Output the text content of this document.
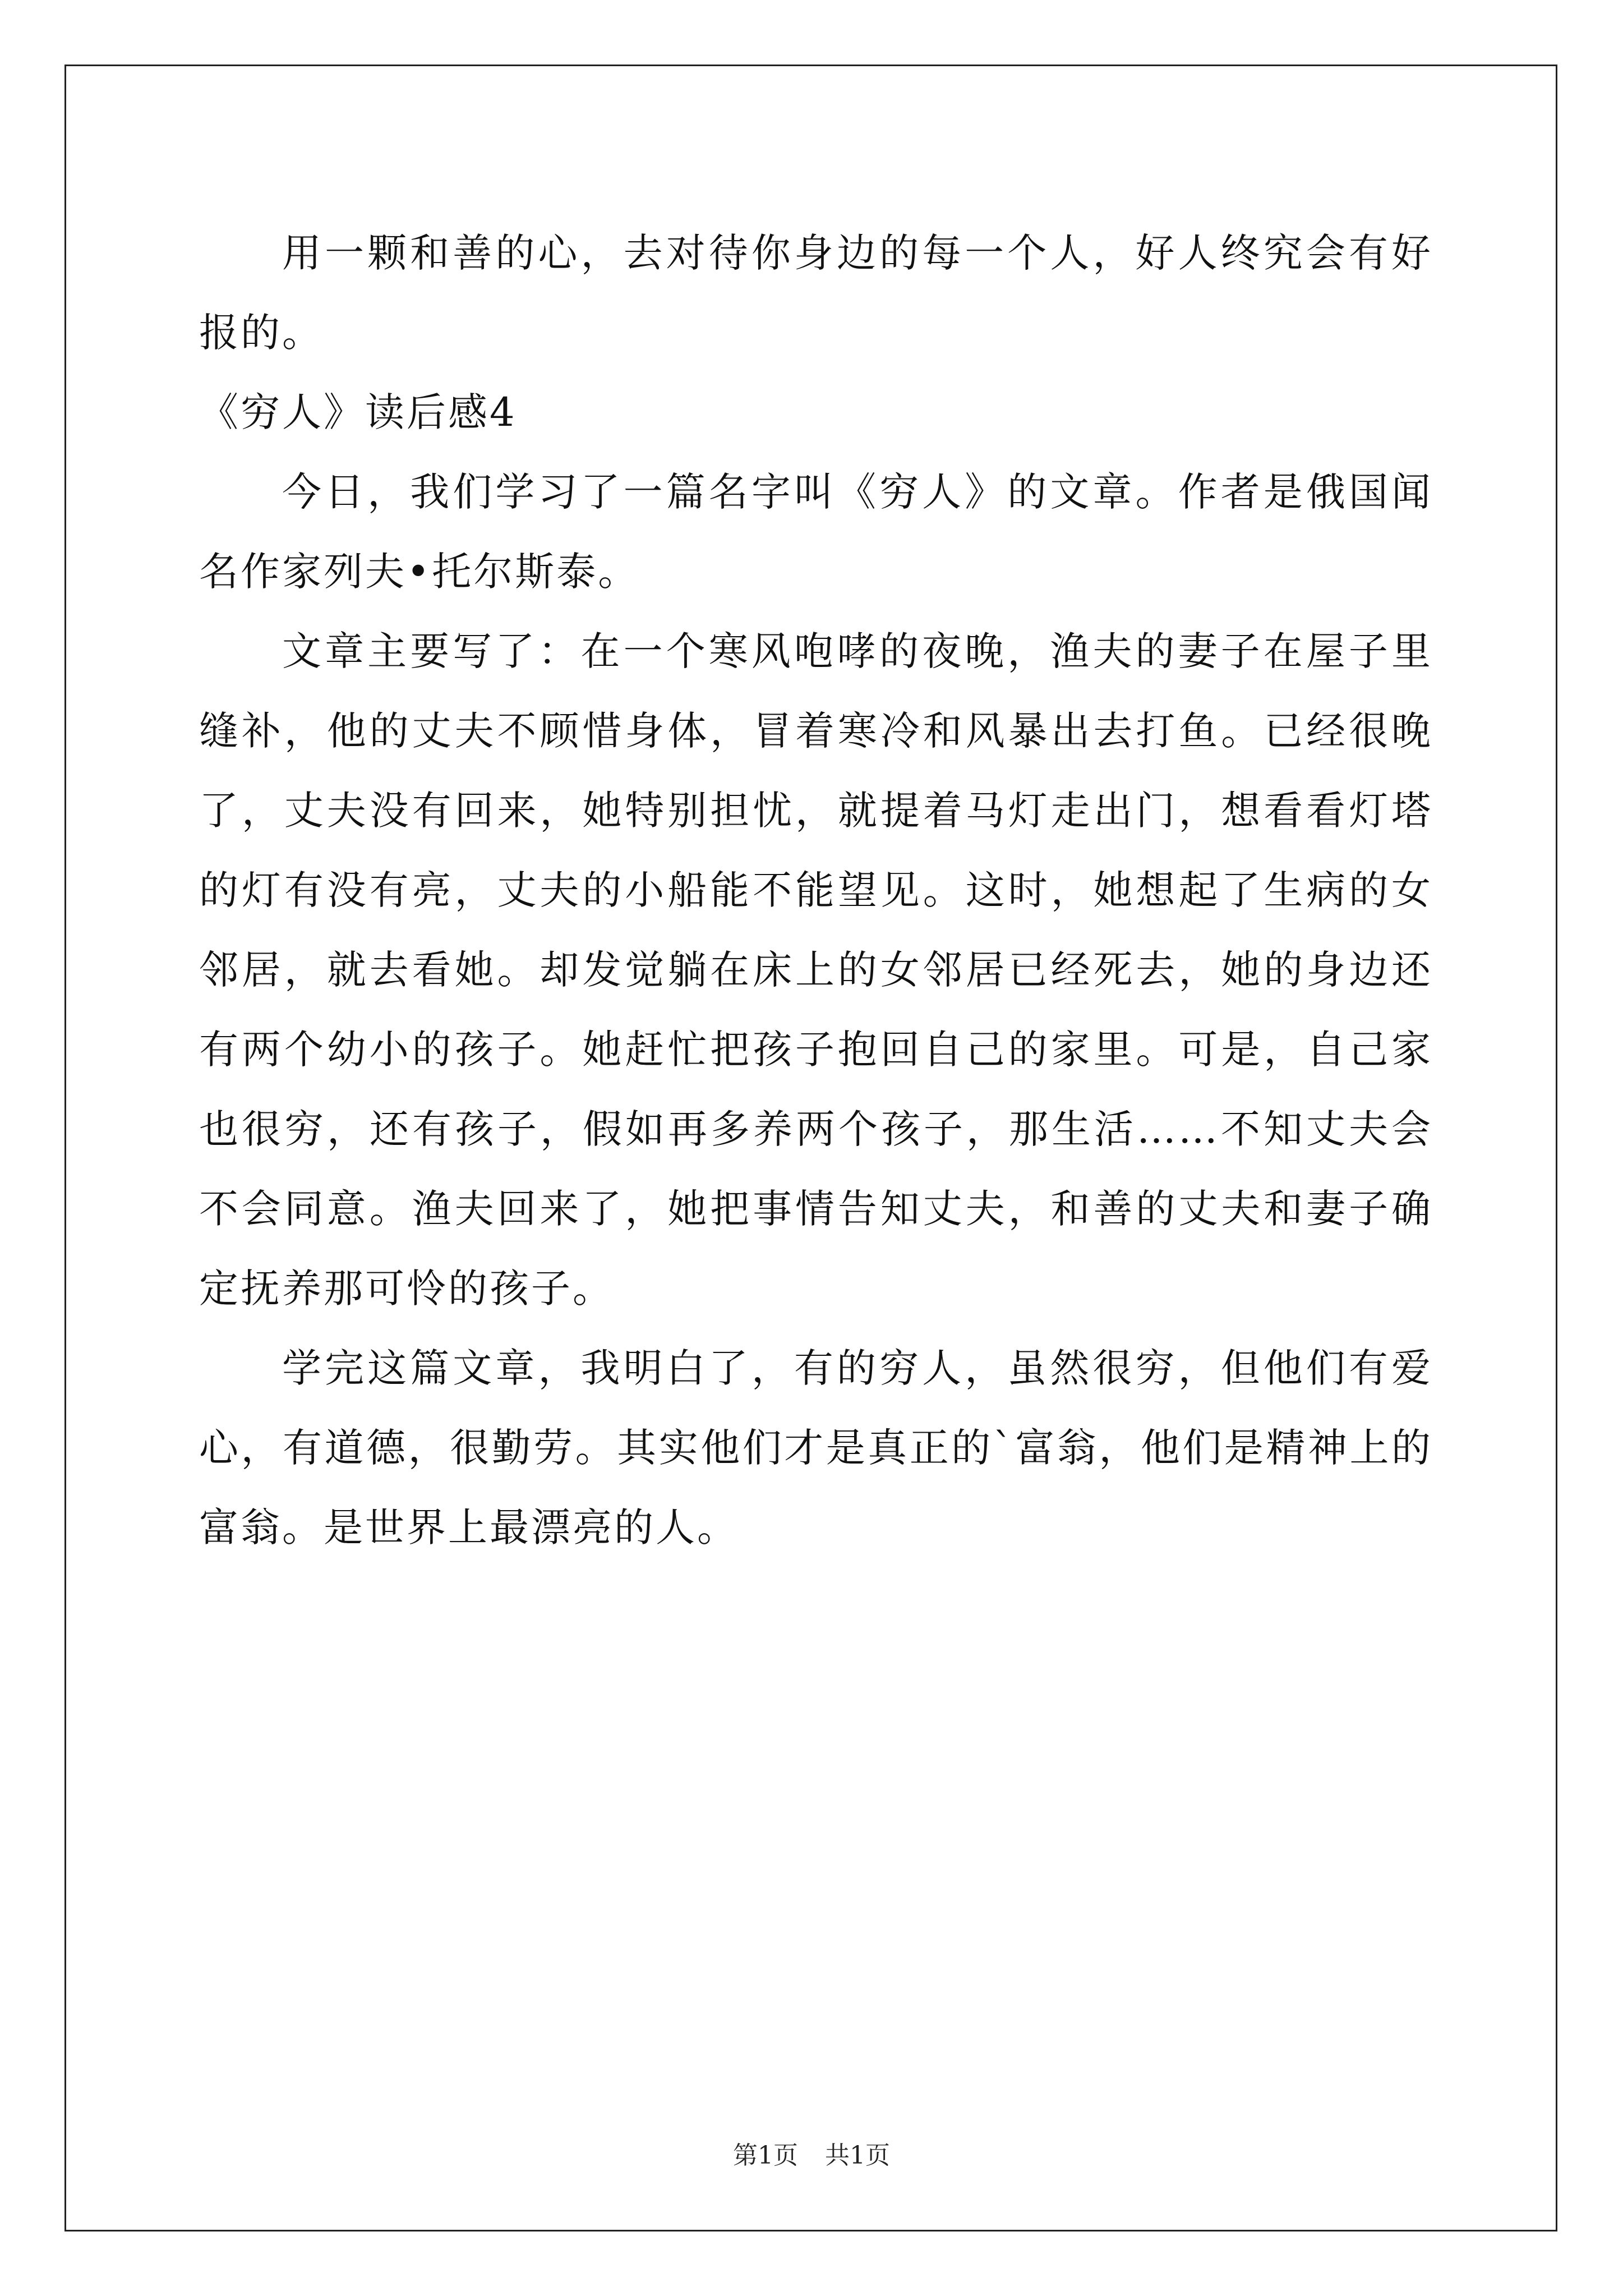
用一颗和善的心，去对待你身边的每一个人，好人终究会有好报的。

《穷人》读后感4

今日，我们学习了一篇名字叫《穷人》的文章。作者是俄国闻名作家列夫•托尔斯泰。

文章主要写了：在一个寒风咆哮的夜晚，渔夫的妻子在屋子里缝补，他的丈夫不顾惜身体，冒着寒冷和风暴出去打鱼。已经很晚了，丈夫没有回来，她特别担忧，就提着马灯走出门，想看看灯塔的灯有没有亮，丈夫的小船能不能望见。这时，她想起了生病的女邻居，就去看她。却发觉躺在床上的女邻居已经死去，她的身边还有两个幼小的孩子。她赶忙把孩子抱回自己的家里。可是，自己家也很穷，还有孩子，假如再多养两个孩子，那生活……不知丈夫会不会同意。渔夫回来了，她把事情告知丈夫，和善的丈夫和妻子确定抚养那可怜的孩子。

学完这篇文章，我明白了，有的穷人，虽然很穷，但他们有爱心，有道德，很勤劳。其实他们才是真正的`富翁，他们是精神上的富翁。是世界上最漂亮的人。

第1页 共1页
